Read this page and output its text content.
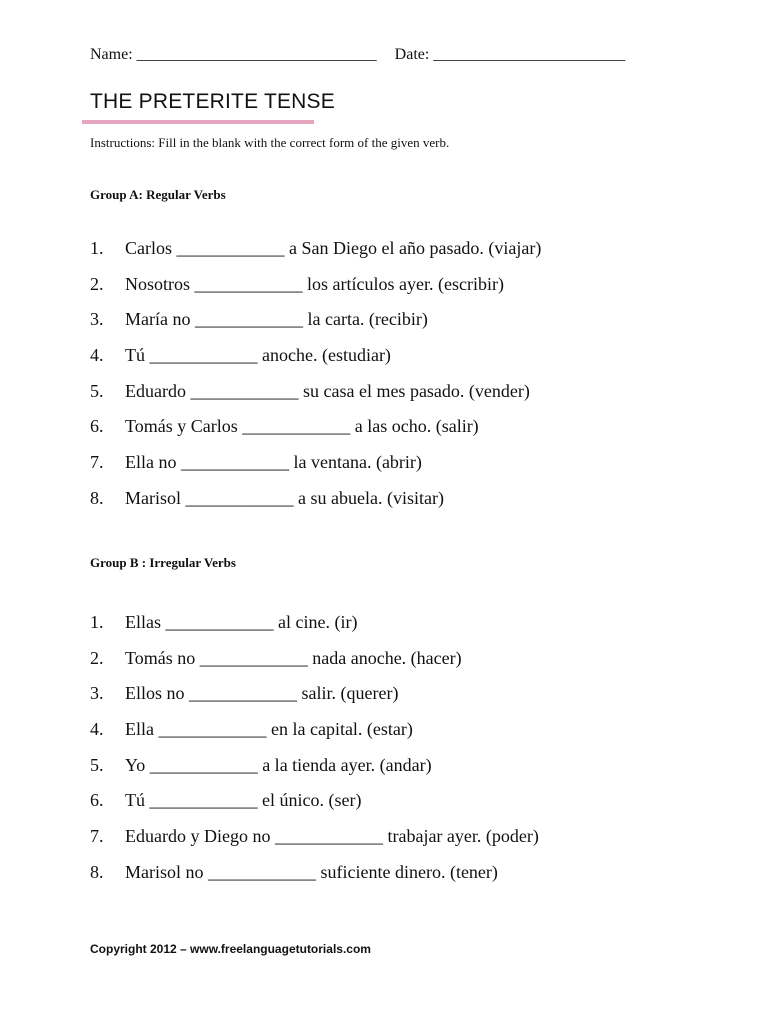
Name: ______________________________ Date: ________________________
THE PRETERITE TENSE

Instructions: Fill in the blank with the correct form of the given verb.

Group A: Regular Verbs

1.	Carlos ____________ a San Diego el año pasado. (viajar)
2.	Nosotros ____________ los artículos ayer. (escribir)
3.	María no ____________ la carta. (recibir)
4.	Tú ____________ anoche. (estudiar)
5.	Eduardo ____________ su casa el mes pasado. (vender)
6.	Tomás y Carlos ____________ a las ocho. (salir)
7.	Ella no ____________ la ventana. (abrir)
8.	Marisol ____________ a su abuela. (visitar)

Group B : Irregular Verbs

1.	Ellas ____________ al cine. (ir)
2.	Tomás no ____________ nada anoche. (hacer)
3.	Ellos no ____________ salir. (querer)
4.	Ella ____________ en la capital. (estar)
5.	Yo ____________ a la tienda ayer. (andar)
6.	Tú ____________ el único. (ser)
7.	Eduardo y Diego no ____________ trabajar ayer. (poder)
8.	Marisol no ____________ suficiente dinero. (tener)
Copyright 2012 – www.freelanguagetutorials.com
